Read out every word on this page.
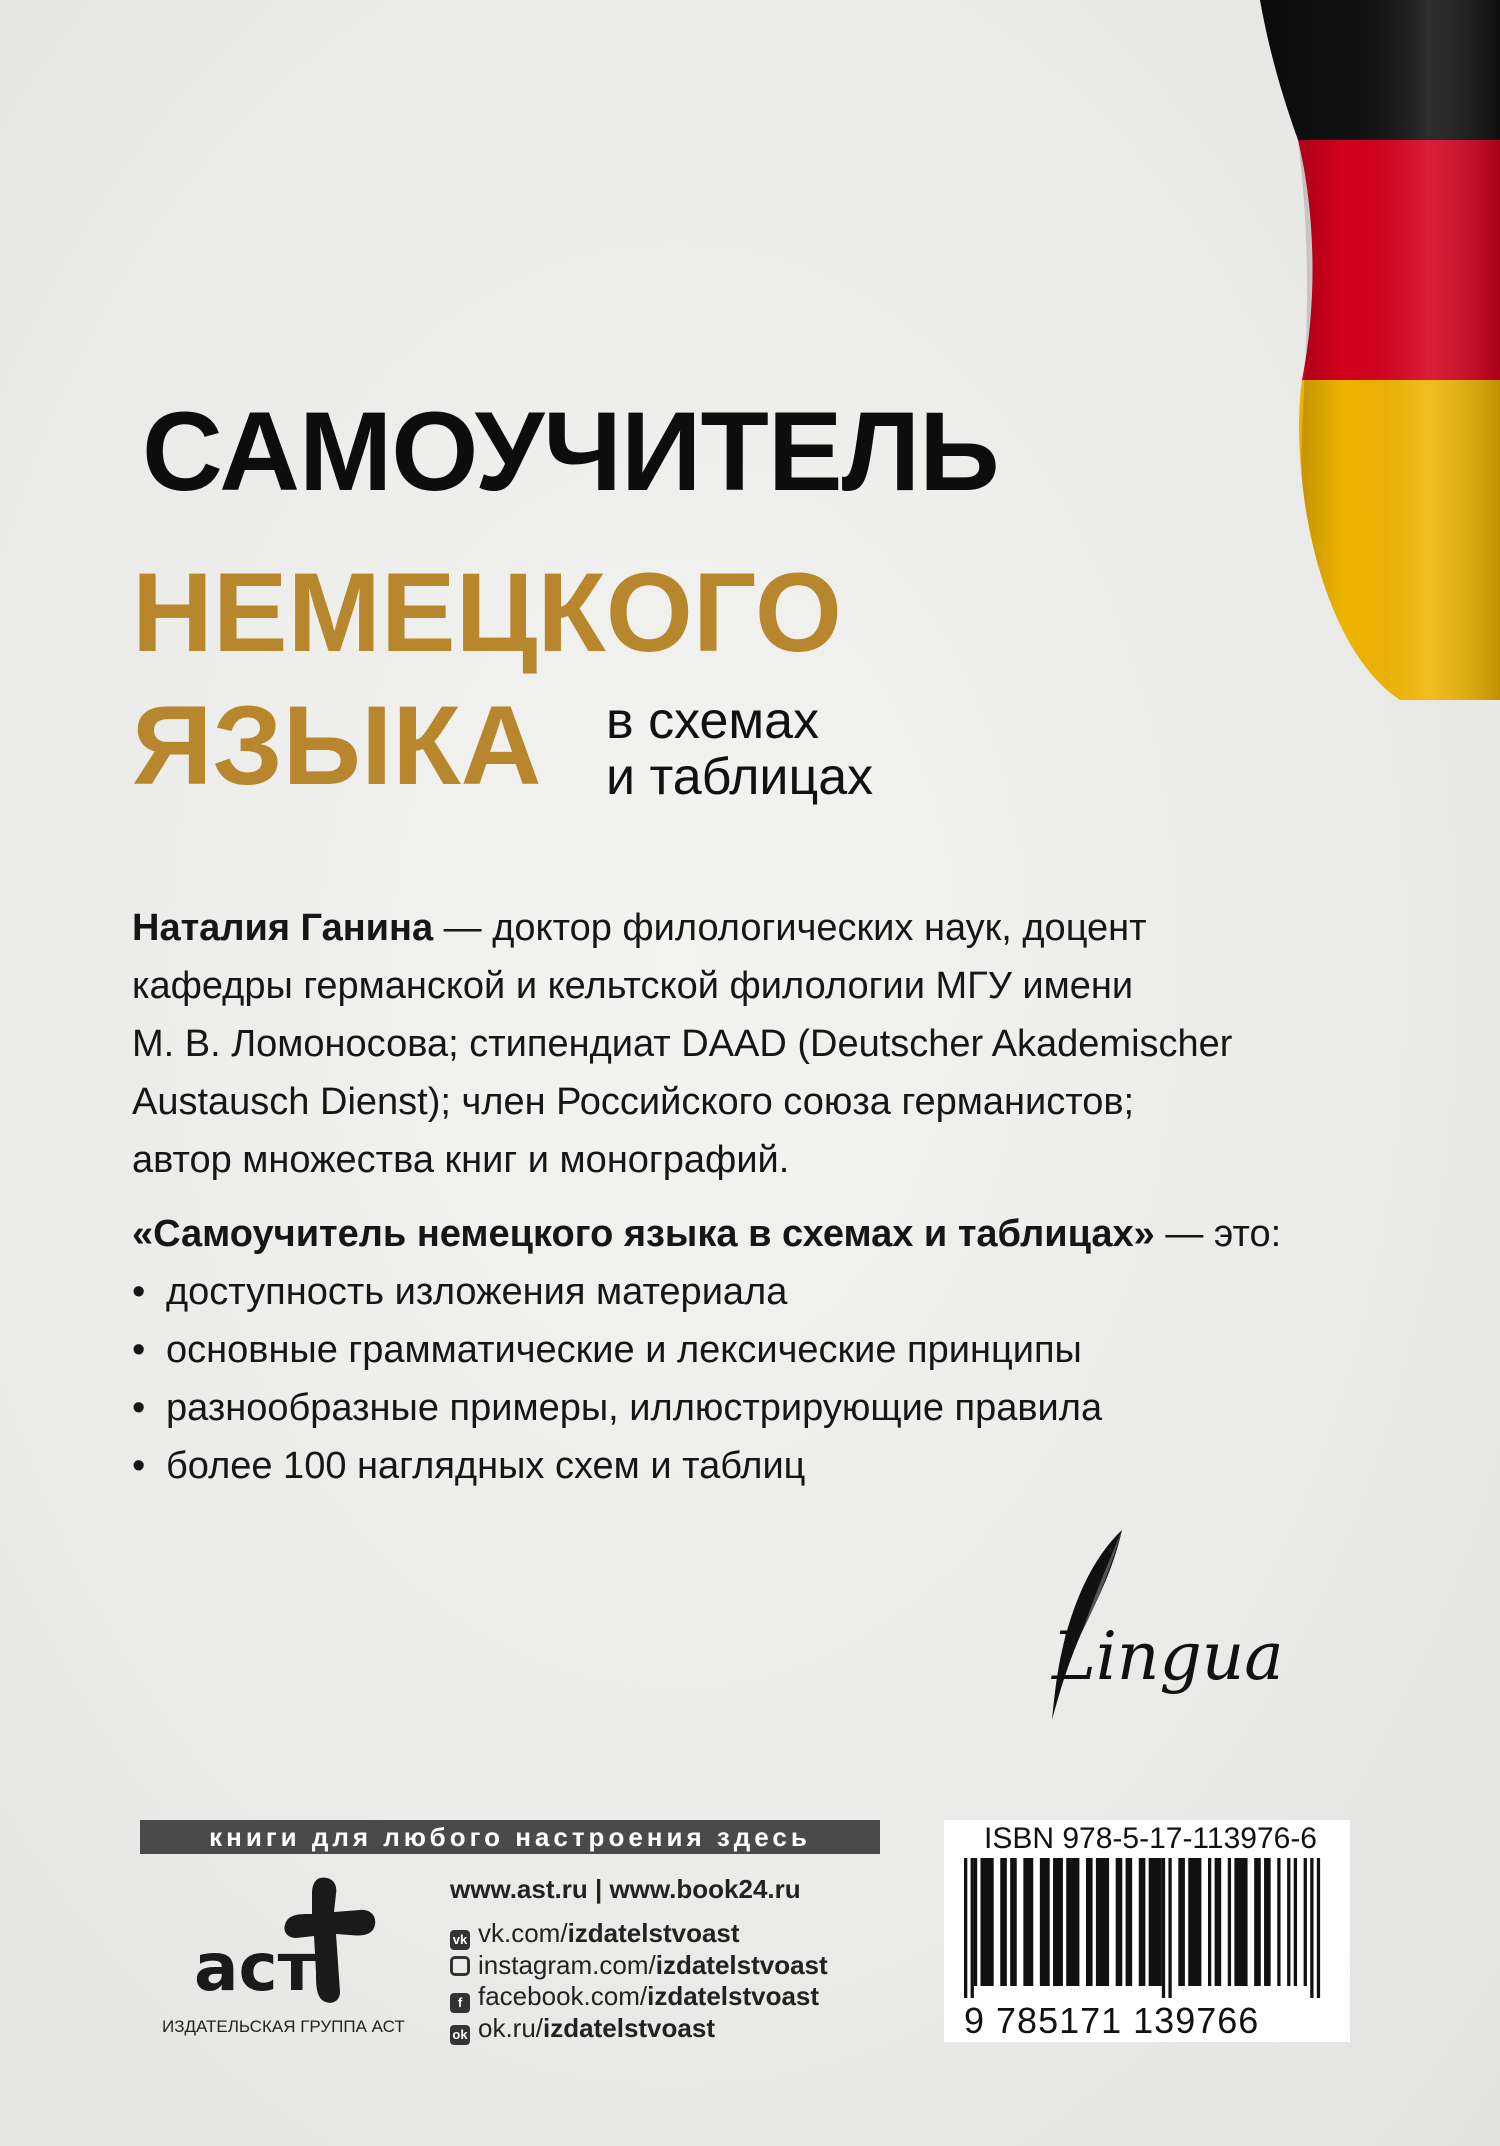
САМОУЧИТЕЛЬ
НЕМЕЦКОГО
ЯЗЫКА в схемах
и таблицах

Наталия Ганина — доктор филологических наук, доцент
кафедры германской и кельтской филологии МГУ имени
М. В. Ломоносова; стипендиат DAAD (Deutscher Akademischer
Austausch Dienst); член Российского союза германистов;
автор множества книг и монографий.

«Самоучитель немецкого языка в схемах и таблицах» — это:
• доступность изложения материала
• основные грамматические и лексические принципы
• разнообразные примеры, иллюстрирующие правила
• более 100 наглядных схем и таблиц
Lingua
книги для любого настроения здесь
аст
ИЗДАТЕЛЬСКАЯ ГРУППА АСТ
www.ast.ru | www.book24.ru
vk vk.com/izdatelstvoast
instagram.com/izdatelstvoast
f facebook.com/izdatelstvoast
ok ok.ru/izdatelstvoast
ISBN 978-5-17-113976-6
9 785171 139766
